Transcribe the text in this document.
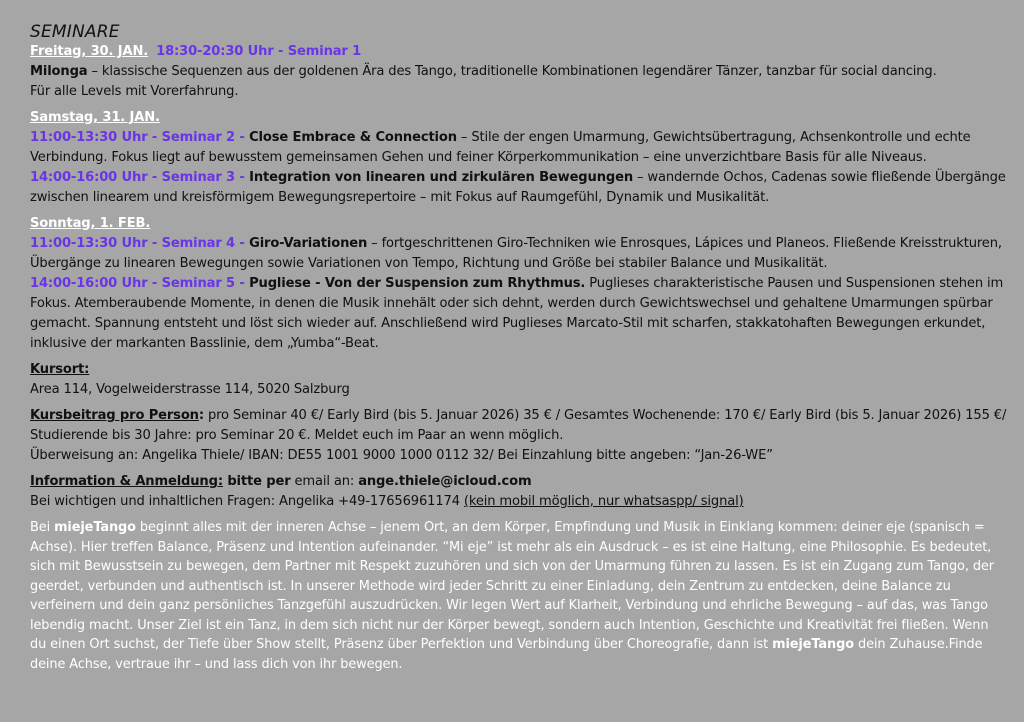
SEMINARE
Freitag, 30. JAN. 18:30-20:30 Uhr - Seminar 1
Milonga – klassische Sequenzen aus der goldenen Ära des Tango, traditionelle Kombinationen legendärer Tänzer, tanzbar für social dancing.
Für alle Levels mit Vorerfahrung.
Samstag, 31. JAN.
11:00-13:30 Uhr - Seminar 2 - Close Embrace & Connection – Stile der engen Umarmung, Gewichtsübertragung, Achsenkontrolle und echte Verbindung. Fokus liegt auf bewusstem gemeinsamen Gehen und feiner Körperkommunikation – eine unverzichtbare Basis für alle Niveaus.
14:00-16:00 Uhr - Seminar 3 - Integration von linearen und zirkulären Bewegungen – wandernde Ochos, Cadenas sowie fließende Übergänge zwischen linearem und kreisförmigem Bewegungsrepertoire – mit Fokus auf Raumgefühl, Dynamik und Musikalität.
Sonntag, 1. FEB.
11:00-13:30 Uhr - Seminar 4 - Giro-Variationen – fortgeschrittenen Giro-Techniken wie Enrosques, Lápices und Planeos. Fließende Kreisstrukturen, Übergänge zu linearen Bewegungen sowie Variationen von Tempo, Richtung und Größe bei stabiler Balance und Musikalität.
14:00-16:00 Uhr - Seminar 5 - Pugliese - Von der Suspension zum Rhythmus. Puglieses charakteristische Pausen und Suspensionen stehen im Fokus. Atemberaubende Momente, in denen die Musik innehält oder sich dehnt, werden durch Gewichtswechsel und gehaltene Umarmungen spürbar gemacht. Spannung entsteht und löst sich wieder auf. Anschließend wird Puglieses Marcato-Stil mit scharfen, stakkatohaften Bewegungen erkundet, inklusive der markanten Basslinie, dem „Yumba“-Beat.
Kursort:
Area 114, Vogelweiderstrasse 114, 5020 Salzburg
Kursbeitrag pro Person: pro Seminar 40 €/ Early Bird (bis 5. Januar 2026) 35 € / Gesamtes Wochenende: 170 €/ Early Bird (bis 5. Januar 2026) 155 €/ Studierende bis 30 Jahre: pro Seminar 20 €. Meldet euch im Paar an wenn möglich.
Überweisung an: Angelika Thiele/ IBAN: DE55 1001 9000 1000 0112 32/ Bei Einzahlung bitte angeben: “Jan-26-WE”
Information & Anmeldung: bitte per email an: ange.thiele@icloud.com
Bei wichtigen und inhaltlichen Fragen: Angelika +49-17656961174 (kein mobil möglich, nur whatsaspp/ signal)
Bei miejeTango beginnt alles mit der inneren Achse – jenem Ort, an dem Körper, Empfindung und Musik in Einklang kommen: deiner eje (spanisch = Achse). Hier treffen Balance, Präsenz und Intention aufeinander. “Mi eje” ist mehr als ein Ausdruck – es ist eine Haltung, eine Philosophie. Es bedeutet, sich mit Bewusstsein zu bewegen, dem Partner mit Respekt zuzuhören und sich von der Umarmung führen zu lassen. Es ist ein Zugang zum Tango, der geerdet, verbunden und authentisch ist. In unserer Methode wird jeder Schritt zu einer Einladung, dein Zentrum zu entdecken, deine Balance zu verfeinern und dein ganz persönliches Tanzgefühl auszudrücken. Wir legen Wert auf Klarheit, Verbindung und ehrliche Bewegung – auf das, was Tango lebendig macht. Unser Ziel ist ein Tanz, in dem sich nicht nur der Körper bewegt, sondern auch Intention, Geschichte und Kreativität frei fließen. Wenn du einen Ort suchst, der Tiefe über Show stellt, Präsenz über Perfektion und Verbindung über Choreografie, dann ist miejeTango dein Zuhause.Finde deine Achse, vertraue ihr – und lass dich von ihr bewegen.
